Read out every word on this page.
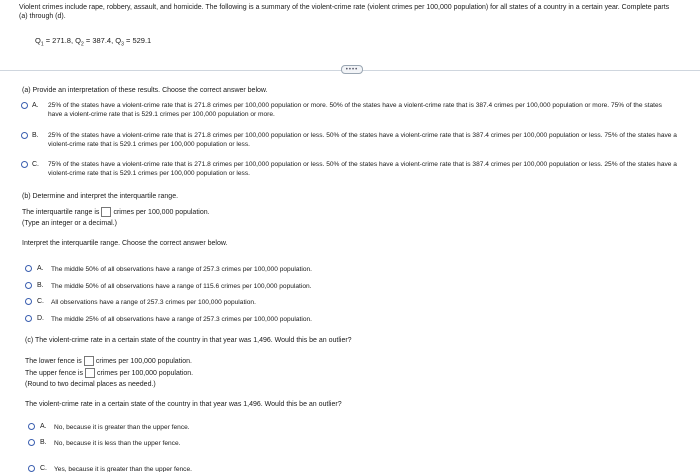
Violent crimes include rape, robbery, assault, and homicide. The following is a summary of the violent-crime rate (violent crimes per 100,000 population) for all states of a country in a certain year. Complete parts (a) through (d).
$Q_1 = 271.8$, $Q_2 = 387.4$, $Q_3 = 529.1$
••••
(a) Provide an interpretation of these results. Choose the correct answer below.
A. 25% of the states have a violent-crime rate that is 271.8 crimes per 100,000 population or more. 50% of the states have a violent-crime rate that is 387.4 crimes per 100,000 population or more. 75% of the states have a violent-crime rate that is 529.1 crimes per 100,000 population or more.
B. 25% of the states have a violent-crime rate that is 271.8 crimes per 100,000 population or less. 50% of the states have a violent-crime rate that is 387.4 crimes per 100,000 population or less. 75% of the states have a violent-crime rate that is 529.1 crimes per 100,000 population or less.
C. 75% of the states have a violent-crime rate that is 271.8 crimes per 100,000 population or less. 50% of the states have a violent-crime rate that is 387.4 crimes per 100,000 population or less. 25% of the states have a violent-crime rate that is 529.1 crimes per 100,000 population or less.
(b) Determine and interpret the interquartile range.
The interquartile range is crimes per 100,000 population.
(Type an integer or a decimal.)
Interpret the interquartile range. Choose the correct answer below.
A. The middle 50% of all observations have a range of 257.3 crimes per 100,000 population.
B. The middle 50% of all observations have a range of 115.6 crimes per 100,000 population.
C. All observations have a range of 257.3 crimes per 100,000 population.
D. The middle 25% of all observations have a range of 257.3 crimes per 100,000 population.
(c) The violent-crime rate in a certain state of the country in that year was 1,496. Would this be an outlier?
The lower fence is crimes per 100,000 population.
The upper fence is crimes per 100,000 population.
(Round to two decimal places as needed.)
The violent-crime rate in a certain state of the country in that year was 1,496. Would this be an outlier?
A. No, because it is greater than the upper fence.
B. No, because it is less than the upper fence.
C. Yes, because it is greater than the upper fence.
